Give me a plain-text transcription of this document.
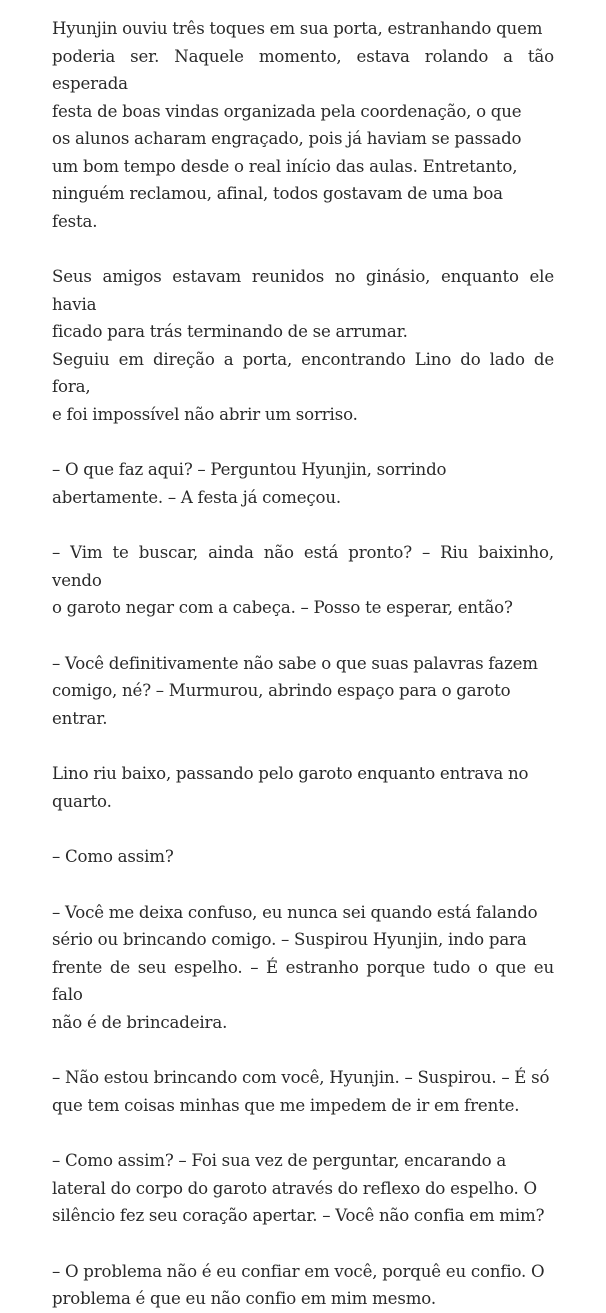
Hyunjin ouviu três toques em sua porta, estranhando quem
poderia ser. Naquele momento, estava rolando a tão esperada
festa de boas vindas organizada pela coordenação, o que
os alunos acharam engraçado, pois já haviam se passado
um bom tempo desde o real início das aulas. Entretanto,
ninguém reclamou, afinal, todos gostavam de uma boa
festa.

Seus amigos estavam reunidos no ginásio, enquanto ele havia
ficado para trás terminando de se arrumar.

Seguiu em direção a porta, encontrando Lino do lado de fora,
e foi impossível não abrir um sorriso.

– O que faz aqui? – Perguntou Hyunjin, sorrindo
abertamente. – A festa já começou.

– Vim te buscar, ainda não está pronto? – Riu baixinho, vendo
o garoto negar com a cabeça. – Posso te esperar, então?

– Você definitivamente não sabe o que suas palavras fazem
comigo, né? – Murmurou, abrindo espaço para o garoto
entrar.

Lino riu baixo, passando pelo garoto enquanto entrava no
quarto.

– Como assim?

– Você me deixa confuso, eu nunca sei quando está falando
sério ou brincando comigo. – Suspirou Hyunjin, indo para
frente de seu espelho. – É estranho porque tudo o que eu falo
não é de brincadeira.

– Não estou brincando com você, Hyunjin. – Suspirou. – É só
que tem coisas minhas que me impedem de ir em frente.

– Como assim? – Foi sua vez de perguntar, encarando a
lateral do corpo do garoto através do reflexo do espelho. O
silêncio fez seu coração apertar. – Você não confia em mim?

– O problema não é eu confiar em você, porquê eu confio. O
problema é que eu não confio em mim mesmo.
